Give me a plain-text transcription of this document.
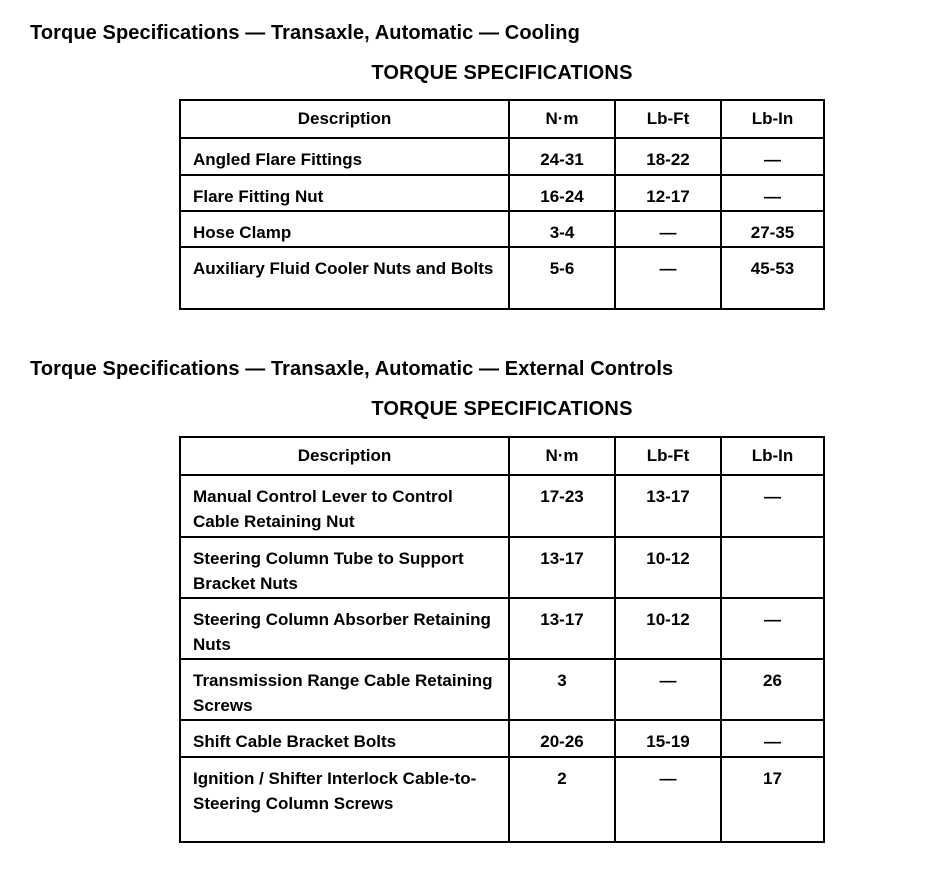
Torque Specifications — Transaxle, Automatic — Cooling
TORQUE SPECIFICATIONS
Description	N·m	Lb-Ft	Lb-In
Angled Flare Fittings	24-31	18-22	—
Flare Fitting Nut	16-24	12-17	—
Hose Clamp	3-4	—	27-35
Auxiliary Fluid Cooler Nuts and Bolts	5-6	—	45-53
Torque Specifications — Transaxle, Automatic — External Controls
TORQUE SPECIFICATIONS
Description	N·m	Lb-Ft	Lb-In
Manual Control Lever to Control Cable Retaining Nut	17-23	13-17	—
Steering Column Tube to Support Bracket Nuts	13-17	10-12	
Steering Column Absorber Retaining Nuts	13-17	10-12	—
Transmission Range Cable Retaining Screws	3	—	26
Shift Cable Bracket Bolts	20-26	15-19	—
Ignition / Shifter Interlock Cable-to-Steering Column Screws	2	—	17
